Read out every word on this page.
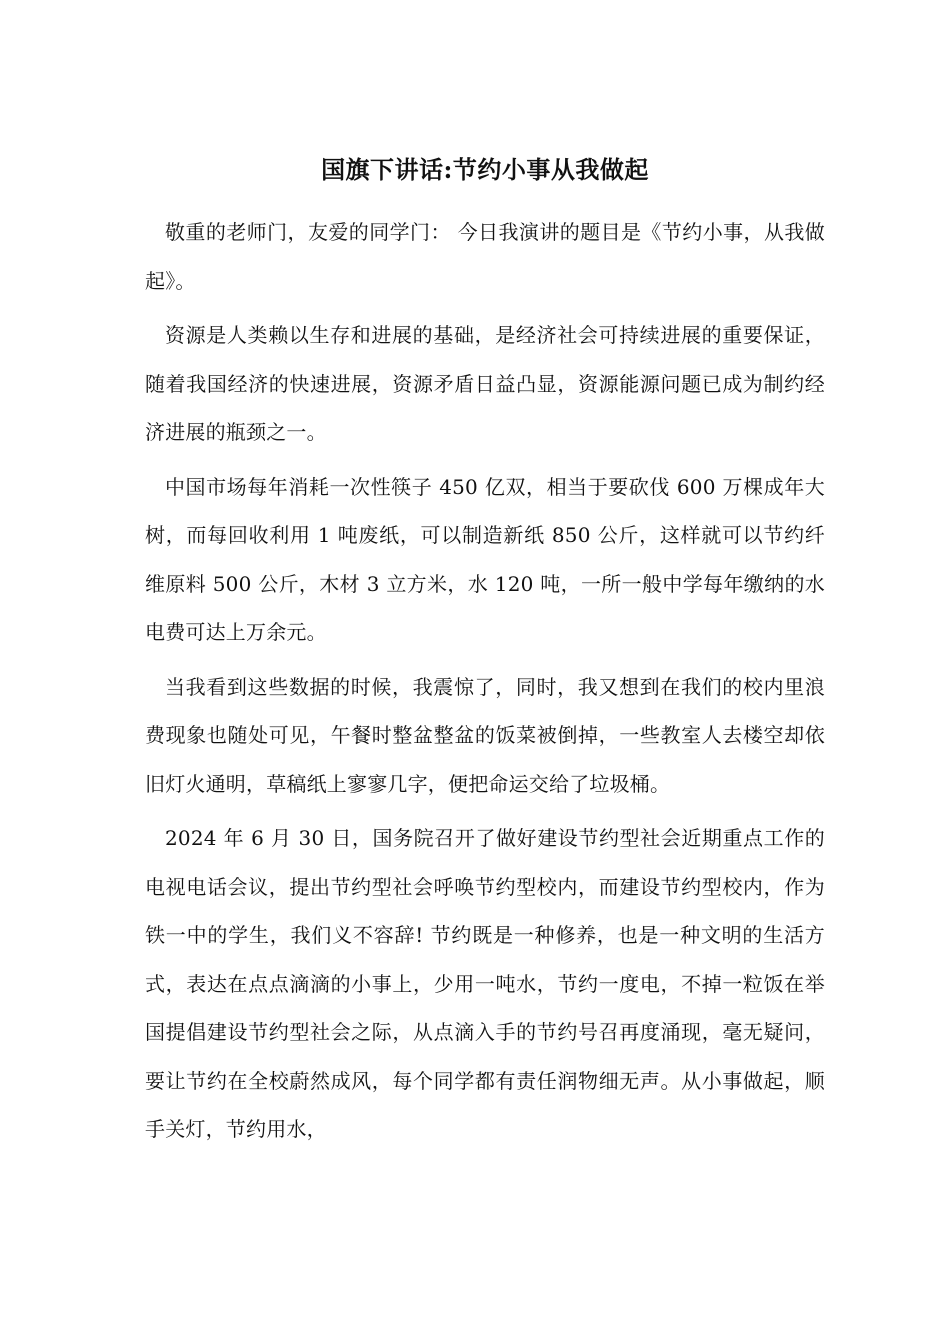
国旗下讲话:节约小事从我做起

敬重的老师门，友爱的同学门： 今日我演讲的题目是《节约小事，从我做起》。

资源是人类赖以生存和进展的基础，是经济社会可持续进展的重要保证，随着我国经济的快速进展，资源矛盾日益凸显，资源能源问题已成为制约经济进展的瓶颈之一。

中国市场每年消耗一次性筷子 450 亿双，相当于要砍伐 600 万棵成年大树，而每回收利用 1 吨废纸，可以制造新纸 850 公斤，这样就可以节约纤维原料 500 公斤，木材 3 立方米，水 120 吨，一所一般中学每年缴纳的水电费可达上万余元。

当我看到这些数据的时候，我震惊了，同时，我又想到在我们的校内里浪费现象也随处可见，午餐时整盆整盆的饭菜被倒掉，一些教室人去楼空却依旧灯火通明，草稿纸上寥寥几字，便把命运交给了垃圾桶。

2024 年 6 月 30 日，国务院召开了做好建设节约型社会近期重点工作的电视电话会议，提出节约型社会呼唤节约型校内，而建设节约型校内，作为铁一中的学生，我们义不容辞! 节约既是一种修养，也是一种文明的生活方式，表达在点点滴滴的小事上，少用一吨水，节约一度电，不掉一粒饭在举国提倡建设节约型社会之际，从点滴入手的节约号召再度涌现，毫无疑问，要让节约在全校蔚然成风，每个同学都有责任润物细无声。从小事做起，顺手关灯，节约用水，
